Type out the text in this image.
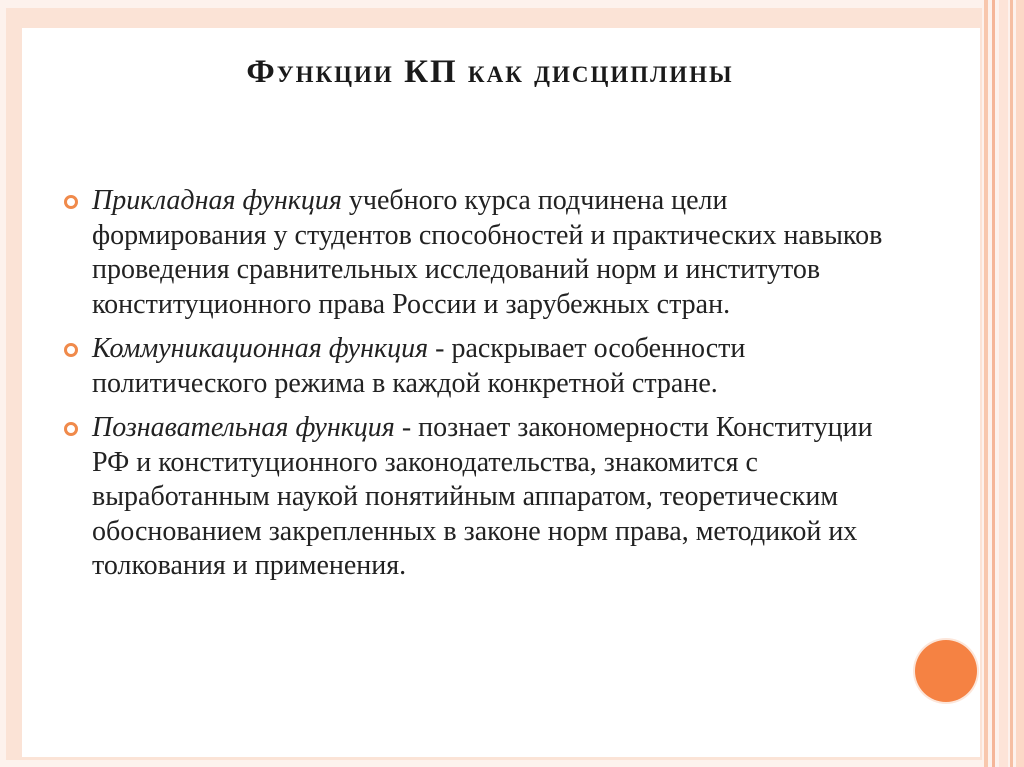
Функции КП как дисциплины
Прикладная функция учебного курса подчинена цели формирования у студентов способностей и практических навыков проведения сравнительных исследований норм и институтов конституционного права России и зарубежных стран.
Коммуникационная функция - раскрывает особенности политического режима в каждой конкретной стране.
Познавательная функция - познает закономерности Конституции РФ и конституционного законодательства, знакомится с выработанным наукой понятийным аппаратом, теоретическим обоснованием закрепленных в законе норм права, методикой их толкования и применения.
